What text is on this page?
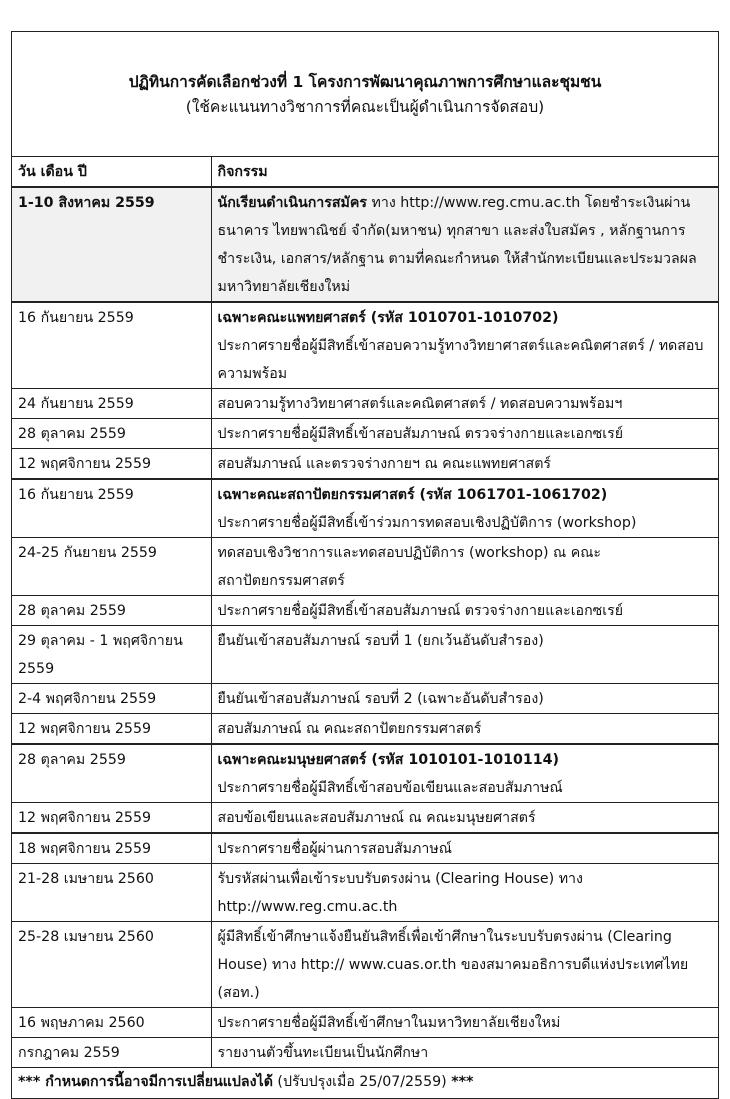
ปฏิทินการคัดเลือกช่วงที่ 1 โครงการพัฒนาคุณภาพการศึกษาและชุมชน
(ใช้คะแนนทางวิชาการที่คณะเป็นผู้ดำเนินการจัดสอบ)
วัน เดือน ปี	กิจกรรม
1-10 สิงหาคม 2559	นักเรียนดำเนินการสมัคร ทาง http://www.reg.cmu.ac.th โดยชำระเงินผ่านธนาคาร ไทยพาณิชย์ จำกัด(มหาชน) ทุกสาขา และส่งใบสมัคร , หลักฐานการชำระเงิน, เอกสาร/หลักฐาน ตามที่คณะกำหนด ให้สำนักทะเบียนและประมวลผล มหาวิทยาลัยเชียงใหม่
16 กันยายน 2559	เฉพาะคณะแพทยศาสตร์ (รหัส 1010701-1010702)
ประกาศรายชื่อผู้มีสิทธิ์เข้าสอบความรู้ทางวิทยาศาสตร์และคณิตศาสตร์ / ทดสอบความพร้อม

24 กันยายน 2559	สอบความรู้ทางวิทยาศาสตร์และคณิตศาสตร์ / ทดสอบความพร้อมฯ
28 ตุลาคม 2559	ประกาศรายชื่อผู้มีสิทธิ์เข้าสอบสัมภาษณ์ ตรวจร่างกายและเอกซเรย์
12 พฤศจิกายน 2559	สอบสัมภาษณ์ และตรวจร่างกายฯ ณ คณะแพทยศาสตร์
16 กันยายน 2559	เฉพาะคณะสถาปัตยกรรมศาสตร์ (รหัส 1061701-1061702)
ประกาศรายชื่อผู้มีสิทธิ์เข้าร่วมการทดสอบเชิงปฏิบัติการ (workshop)

24-25 กันยายน 2559	ทดสอบเชิงวิชาการและทดสอบปฏิบัติการ (workshop) ณ คณะสถาปัตยกรรมศาสตร์
28 ตุลาคม 2559	ประกาศรายชื่อผู้มีสิทธิ์เข้าสอบสัมภาษณ์ ตรวจร่างกายและเอกซเรย์
29 ตุลาคม - 1 พฤศจิกายน 2559	ยืนยันเข้าสอบสัมภาษณ์ รอบที่ 1 (ยกเว้นอันดับสำรอง)
2-4 พฤศจิกายน 2559	ยืนยันเข้าสอบสัมภาษณ์ รอบที่ 2 (เฉพาะอันดับสำรอง)
12 พฤศจิกายน 2559	สอบสัมภาษณ์ ณ คณะสถาปัตยกรรมศาสตร์
28 ตุลาคม 2559	เฉพาะคณะมนุษยศาสตร์ (รหัส 1010101-1010114)
ประกาศรายชื่อผู้มีสิทธิ์เข้าสอบข้อเขียนและสอบสัมภาษณ์

12 พฤศจิกายน 2559	สอบข้อเขียนและสอบสัมภาษณ์ ณ คณะมนุษยศาสตร์
18 พฤศจิกายน 2559	ประกาศรายชื่อผู้ผ่านการสอบสัมภาษณ์
21-28 เมษายน 2560	รับรหัสผ่านเพื่อเข้าระบบรับตรงผ่าน (Clearing House) ทาง http://www.reg.cmu.ac.th
25-28 เมษายน 2560	ผู้มีสิทธิ์เข้าศึกษาแจ้งยืนยันสิทธิ์เพื่อเข้าศึกษาในระบบรับตรงผ่าน (Clearing House) ทาง http:// www.cuas.or.th ของสมาคมอธิการบดีแห่งประเทศไทย (สอท.)
16 พฤษภาคม 2560	ประกาศรายชื่อผู้มีสิทธิ์เข้าศึกษาในมหาวิทยาลัยเชียงใหม่
กรกฎาคม 2559	รายงานตัวขึ้นทะเบียนเป็นนักศึกษา
*** กำหนดการนี้อาจมีการเปลี่ยนแปลงได้ (ปรับปรุงเมื่อ 25/07/2559) ***
